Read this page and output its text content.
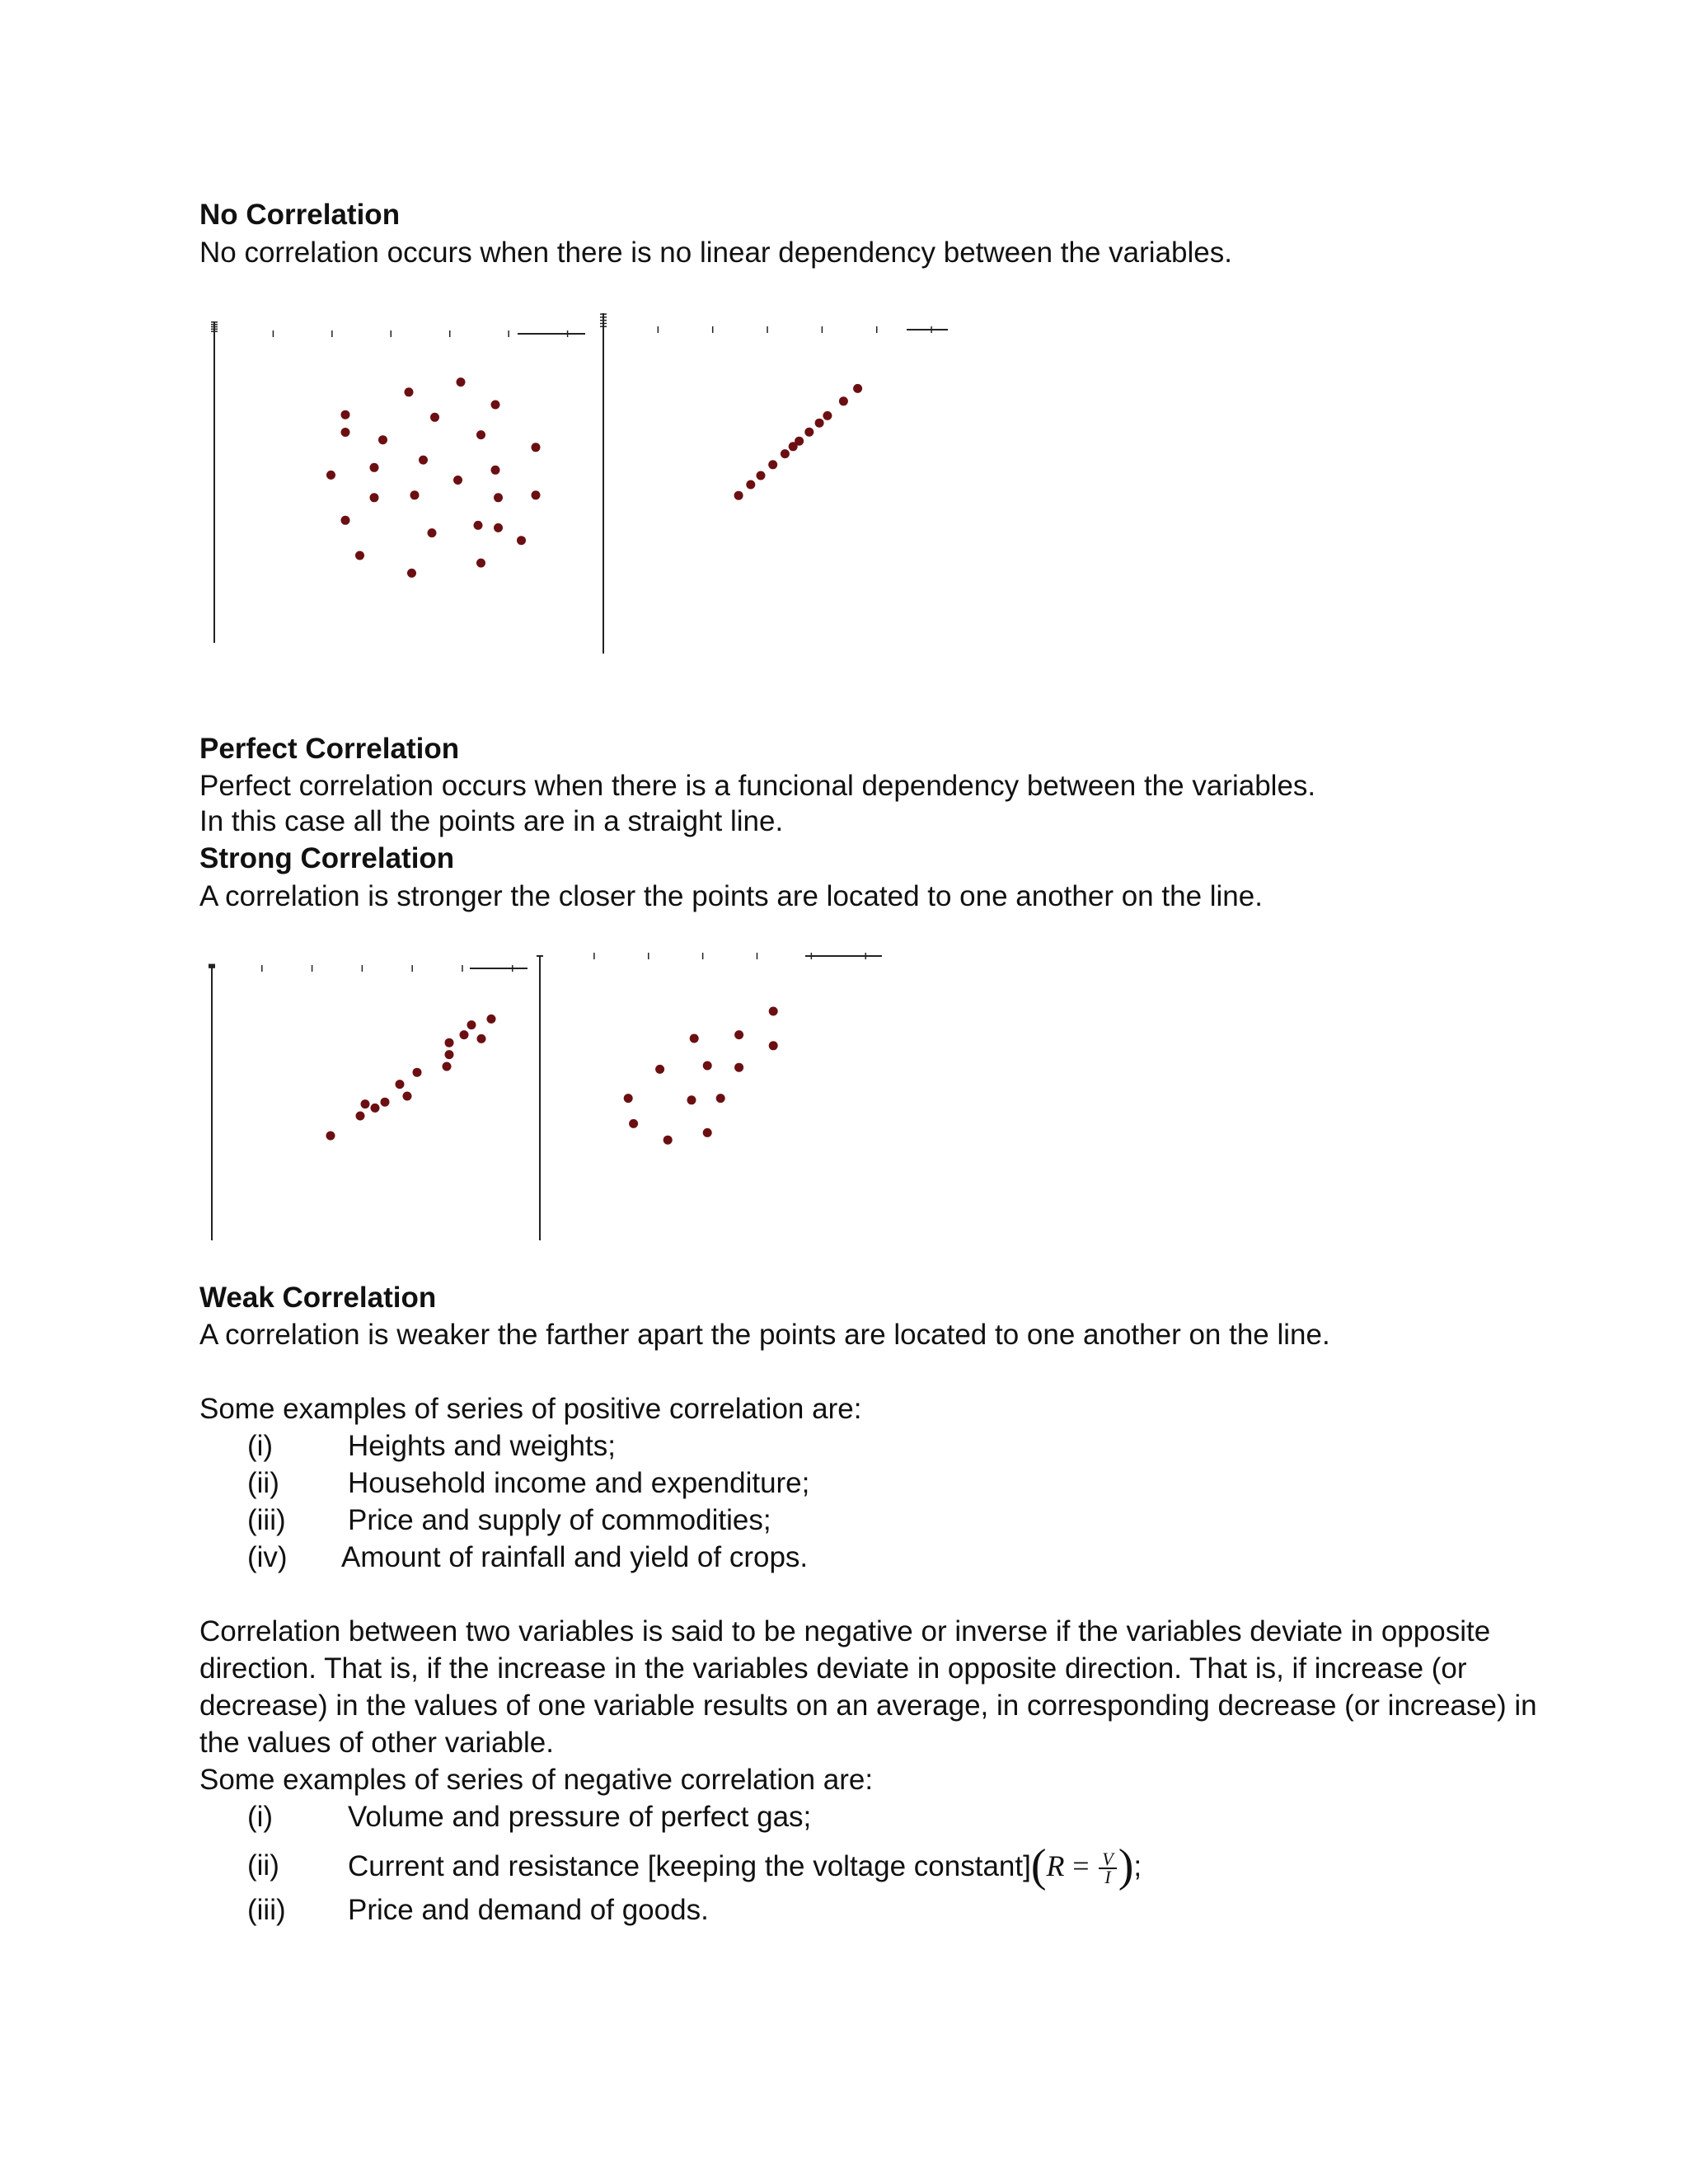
No Correlation
No correlation occurs when there is no linear dependency between the variables.
Perfect Correlation
Perfect correlation occurs when there is a funcional dependency between the variables.
In this case all the points are in a straight line.
Strong Correlation
A correlation is stronger the closer the points are located to one another on the line.
Weak Correlation
A correlation is weaker the farther apart the points are located to one another on the line.
Some examples of series of positive correlation are:
(i)	Heights and weights;
(ii) Household income and expenditure;
(iii) Price and supply of commodities;
(iv) Amount of rainfall and yield of crops.
Correlation between two variables is said to be negative or inverse if the variables deviate in opposite
direction. That is, if the increase in the variables deviate in opposite direction. That is, if increase (or
decrease) in the values of one variable results on an average, in corresponding decrease (or increase) in
the values of other variable.
Some examples of series of negative correlation are:
(i)	Volume and pressure of perfect gas;
(ii) Current and resistance [keeping the voltage constant](R = $\frac{V}{I}$ );
(iii) Price and demand of goods.
